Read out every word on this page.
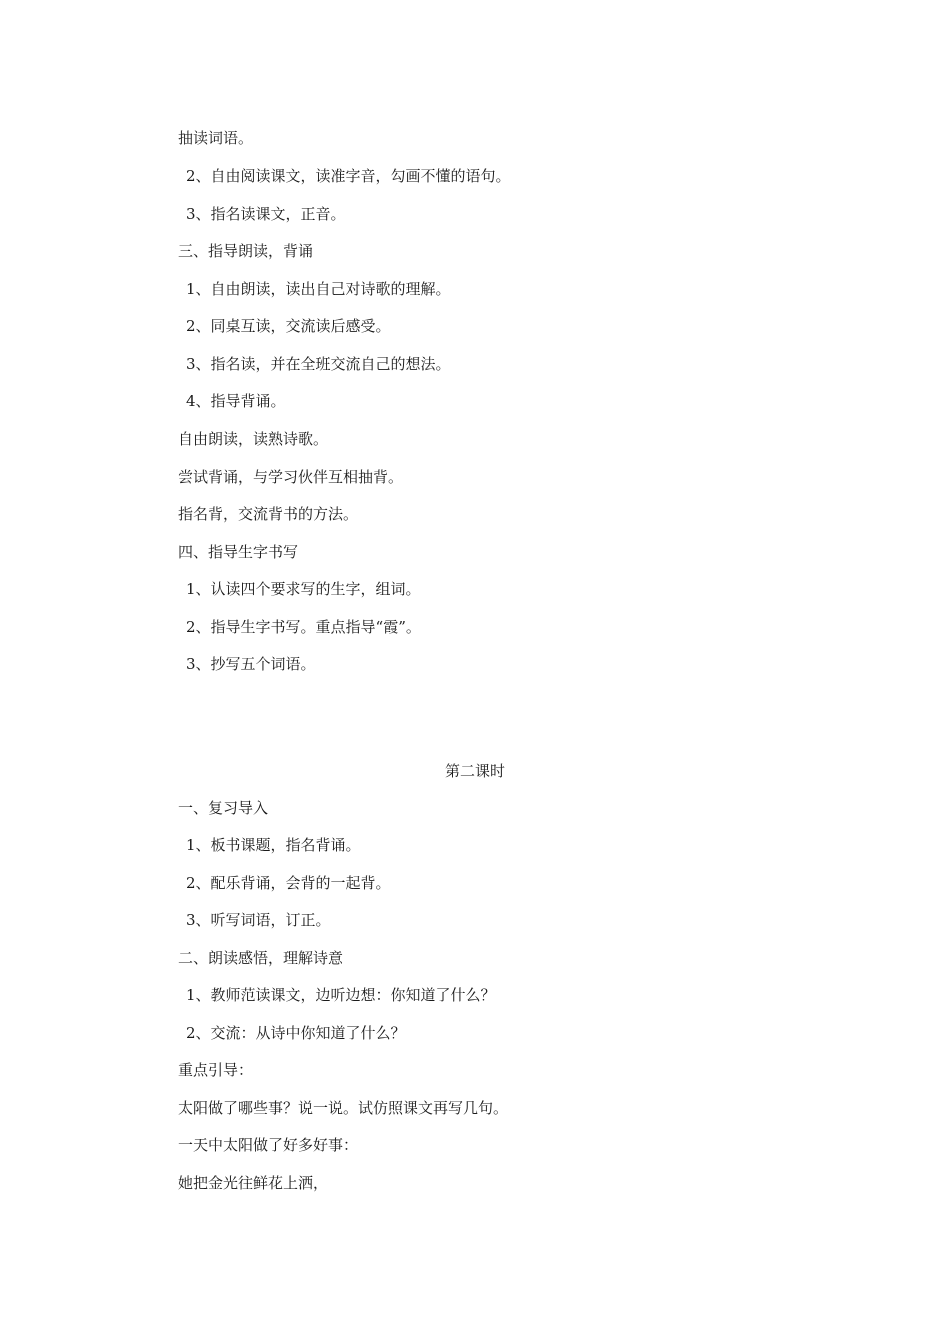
抽读词语。
2、自由阅读课文，读准字音，勾画不懂的语句。
3、指名读课文，正音。
三、指导朗读，背诵
1、自由朗读，读出自己对诗歌的理解。
2、同桌互读，交流读后感受。
3、指名读，并在全班交流自己的想法。
4、指导背诵。
自由朗读，读熟诗歌。
尝试背诵，与学习伙伴互相抽背。
指名背，交流背书的方法。
四、指导生字书写
1、认读四个要求写的生字，组词。
2、指导生字书写。重点指导“霞”。
3、抄写五个词语。
第二课时
一、复习导入
1、板书课题，指名背诵。
2、配乐背诵，会背的一起背。
3、听写词语，订正。
二、朗读感悟，理解诗意
1、教师范读课文，边听边想：你知道了什么？
2、交流：从诗中你知道了什么？
重点引导：
太阳做了哪些事？说一说。试仿照课文再写几句。
一天中太阳做了好多好事：
她把金光往鲜花上洒，
